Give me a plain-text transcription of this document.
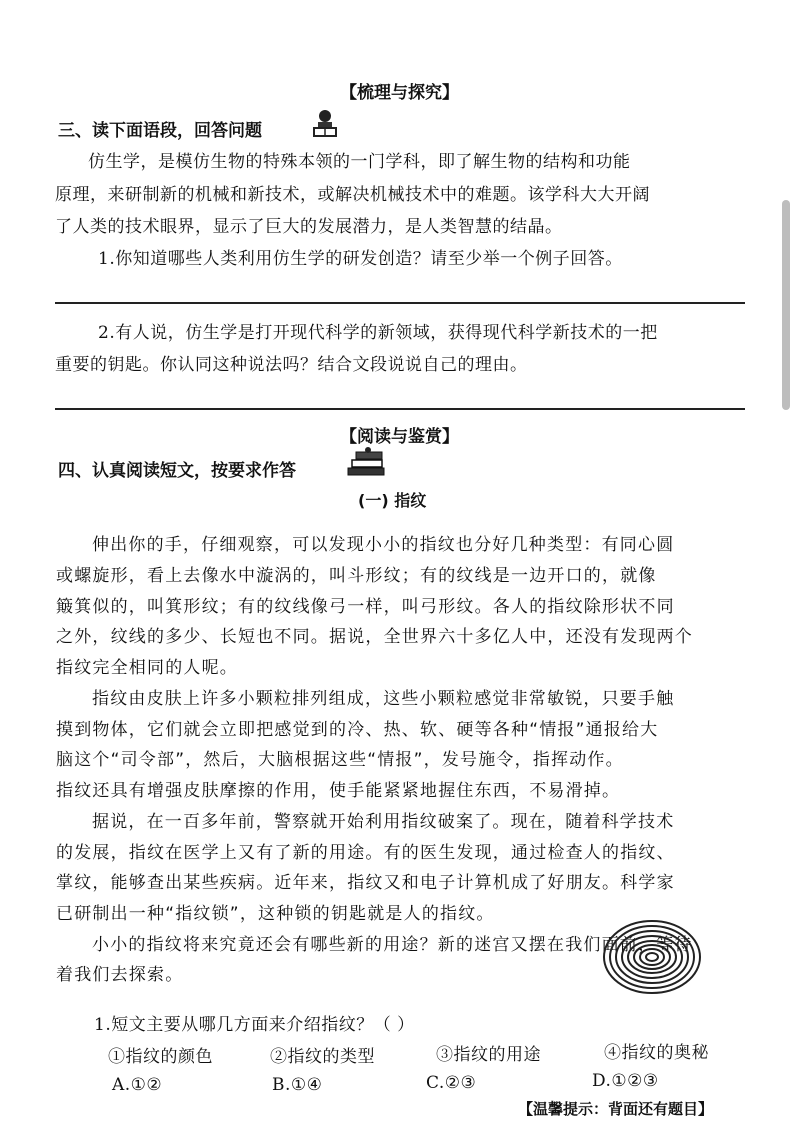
【梳理与探究】
三、读下面语段，回答问题
仿生学，是模仿生物的特殊本领的一门学科，即了解生物的结构和功能
原理，来研制新的机械和新技术，或解决机械技术中的难题。该学科大大开阔
了人类的技术眼界，显示了巨大的发展潜力，是人类智慧的结晶。
1.你知道哪些人类利用仿生学的研发创造？请至少举一个例子回答。
2.有人说，仿生学是打开现代科学的新领域，获得现代科学新技术的一把
重要的钥匙。你认同这种说法吗？结合文段说说自己的理由。
【阅读与鉴赏】
四、认真阅读短文，按要求作答
(一) 指纹
伸出你的手，仔细观察，可以发现小小的指纹也分好几种类型：有同心圆
或螺旋形，看上去像水中漩涡的，叫斗形纹；有的纹线是一边开口的，就像
簸箕似的，叫箕形纹；有的纹线像弓一样，叫弓形纹。各人的指纹除形状不同
之外，纹线的多少、长短也不同。据说，全世界六十多亿人中，还没有发现两个
指纹完全相同的人呢。
指纹由皮肤上许多小颗粒排列组成，这些小颗粒感觉非常敏锐，只要手触
摸到物体，它们就会立即把感觉到的冷、热、软、硬等各种“情报”通报给大
脑这个“司令部”，然后，大脑根据这些“情报”，发号施令，指挥动作。
指纹还具有增强皮肤摩擦的作用，使手能紧紧地握住东西，不易滑掉。
据说，在一百多年前，警察就开始利用指纹破案了。现在，随着科学技术
的发展，指纹在医学上又有了新的用途。有的医生发现，通过检查人的指纹、
掌纹，能够查出某些疾病。近年来，指纹又和电子计算机成了好朋友。科学家
已研制出一种“指纹锁”，这种锁的钥匙就是人的指纹。
小小的指纹将来究竟还会有哪些新的用途？新的迷宫又摆在我们面前，等待
着我们去探索。
1.短文主要从哪几方面来介绍指纹？（ ）
①指纹的颜色	②指纹的类型	③指纹的用途	④指纹的奥秘
A.①②	B.①④	C.②③	D.①②③
【温馨提示：背面还有题目】
